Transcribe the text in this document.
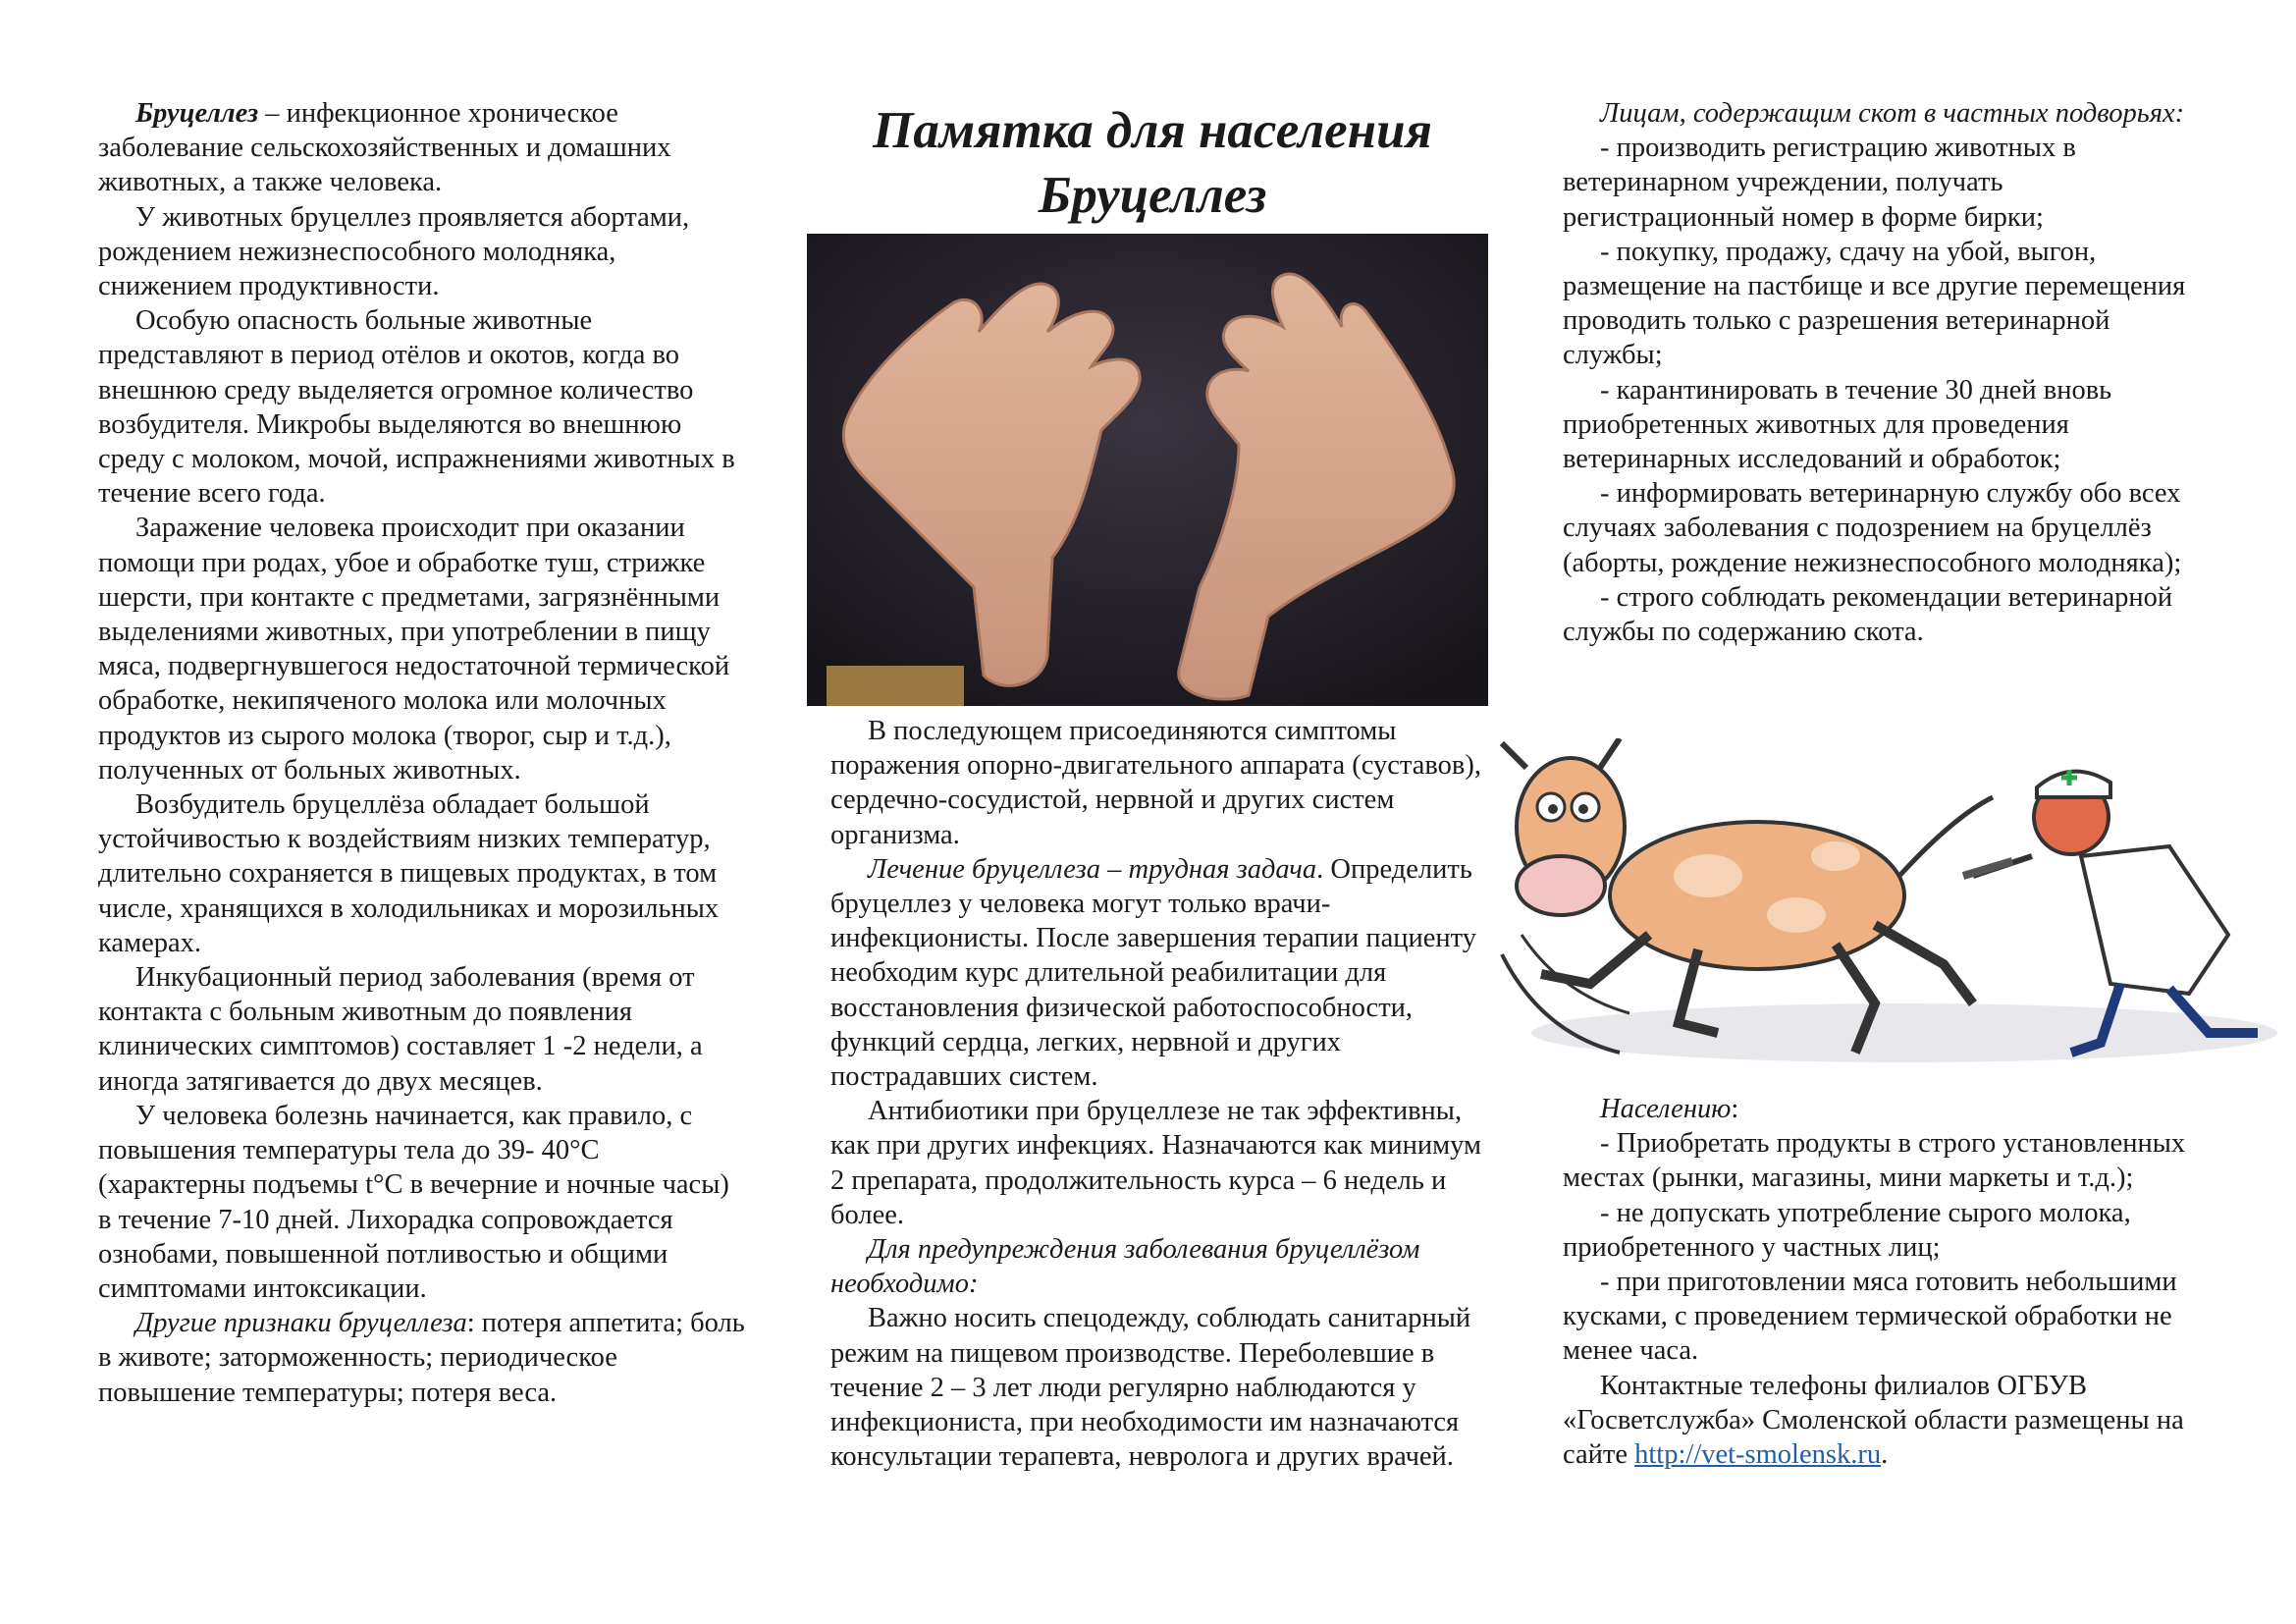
Бруцеллез – инфекционное хроническое заболевание сельскохозяйственных и домашних животных, а также человека.

У животных бруцеллез проявляется абортами, рождением нежизнеспособного молодняка, снижением продуктивности.

Особую опасность больные животные представляют в период отёлов и окотов, когда во внешнюю среду выделяется огромное количество возбудителя. Микробы выделяются во внешнюю среду с молоком, мочой, испражнениями животных в течение всего года.

Заражение человека происходит при оказании помощи при родах, убое и обработке туш, стрижке шерсти, при контакте с предметами, загрязнёнными выделениями животных, при употреблении в пищу мяса, подвергнувшегося недостаточной термической обработке, некипяченого молока или молочных продуктов из сырого молока (творог, сыр и т.д.), полученных от больных животных.

Возбудитель бруцеллёза обладает большой устойчивостью к воздействиям низких температур, длительно сохраняется в пищевых продуктах, в том числе, хранящихся в холодильниках и морозильных камерах.

Инкубационный период заболевания (время от контакта с больным животным до появления клинических симптомов) составляет 1 -2 недели, а иногда затягивается до двух месяцев.

У человека болезнь начинается, как правило, с повышения температуры тела до 39- 40°С (характерны подъемы t°С в вечерние и ночные часы) в течение 7-10 дней. Лихорадка сопровождается ознобами, повышенной потливостью и общими симптомами интоксикации.

Другие признаки бруцеллеза: потеря аппетита; боль в животе; заторможенность; периодическое повышение температуры; потеря веса.

Памятка для населения
Бруцеллез

В последующем присоединяются симптомы поражения опорно-двигательного аппарата (суставов), сердечно-сосудистой, нервной и других систем организма.

Лечение бруцеллеза – трудная задача. Определить бруцеллез у человека могут только врачи-инфекционисты. После завершения терапии пациенту необходим курс длительной реабилитации для восстановления физической работоспособности, функций сердца, легких, нервной и других пострадавших систем.

Антибиотики при бруцеллезе не так эффективны, как при других инфекциях. Назначаются как минимум 2 препарата, продолжительность курса – 6 недель и более.

Для предупреждения заболевания бруцеллёзом необходимо:

Важно носить спецодежду, соблюдать санитарный режим на пищевом производстве. Переболевшие в течение 2 – 3 лет люди регулярно наблюдаются у инфекциониста, при необходимости им назначаются консультации терапевта, невролога и других врачей.

Лицам, содержащим скот в частных подворьях:

- производить регистрацию животных в ветеринарном учреждении, получать регистрационный номер в форме бирки;

- покупку, продажу, сдачу на убой, выгон, размещение на пастбище и все другие перемещения проводить только с разрешения ветеринарной службы;

- карантинировать в течение 30 дней вновь приобретенных животных для проведения ветеринарных исследований и обработок;

- информировать ветеринарную службу обо всех случаях заболевания с подозрением на бруцеллёз (аборты, рождение нежизнеспособного молодняка);

- строго соблюдать рекомендации ветеринарной службы по содержанию скота.

Населению:

- Приобретать продукты в строго установленных местах (рынки, магазины, мини маркеты и т.д.);

- не допускать употребление сырого молока, приобретенного у частных лиц;

- при приготовлении мяса готовить небольшими кусками, с проведением термической обработки не менее часа.

Контактные телефоны филиалов ОГБУВ «Госветслужба» Смоленской области размещены на сайте http://vet-smolensk.ru.
